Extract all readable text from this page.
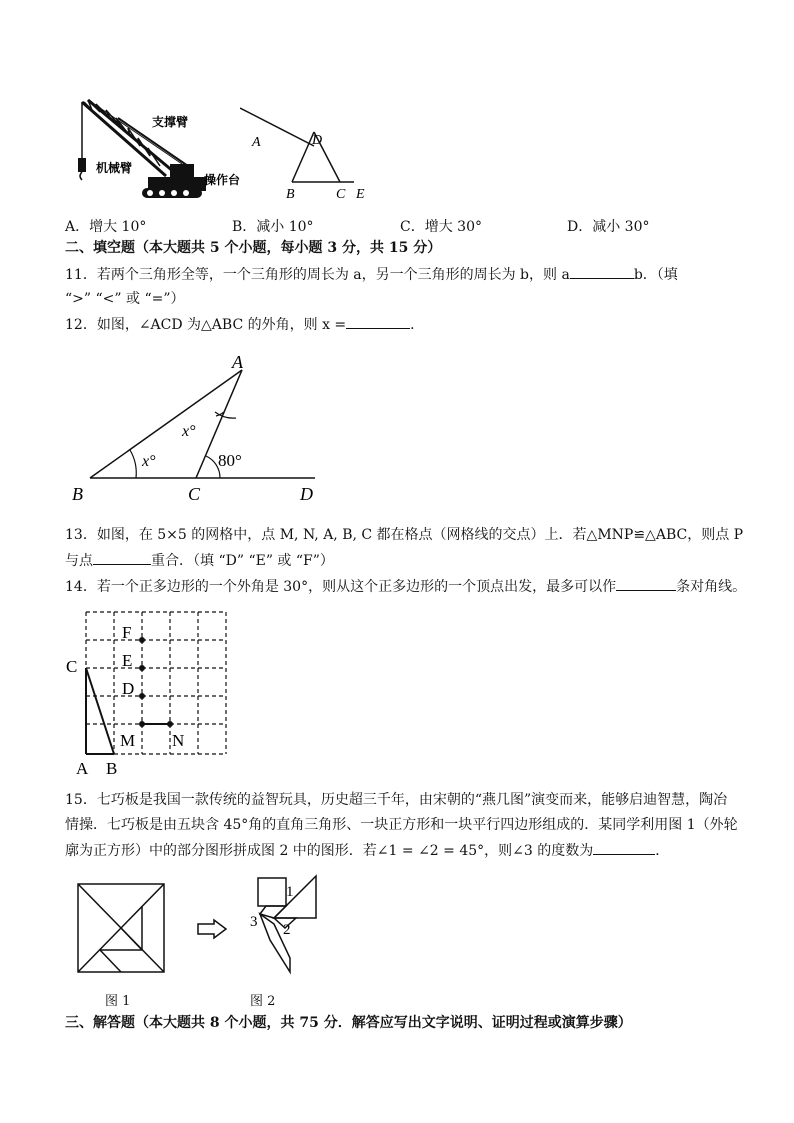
支撑臂
机械臂
操作台
A
B	C
D
E
A．增大 10°	B．减小 10°	C．增大 30°	D．减小 30°
二、填空题（本大题共 5 个小题，每小题 3 分，共 15 分）
11．若两个三角形全等，一个三角形的周长为 a，另一个三角形的周长为 b，则 a	b．（填
“>” “<” 或 “=”）
12．如图，∠ACD 为△ABC 的外角，则 x =	．
A
B	C	D
x°
x°
80°
13．如图，在 5×5 的网格中，点 M, N, A, B, C 都在格点（网格线的交点）上．若△MNP≌△ABC，则点 P
与点	重合．（填 “D” “E” 或 “F”）
14．若一个正多边形的一个外角是 30°，则从这个正多边形的一个顶点出发，最多可以作	条对角线。
F
E
D
C
M N
A B
15．七巧板是我国一款传统的益智玩具，历史超三千年，由宋朝的“燕几图”演变而来，能够启迪智慧，陶冶
情操．七巧板是由五块含 45°角的直角三角形、一块正方形和一块平行四边形组成的．某同学利用图 1（外轮
廓为正方形）中的部分图形拼成图 2 中的图形．若∠1 = ∠2 = 45°，则∠3 的度数为	．
图 1
1
2
3
图 2
三、解答题（本大题共 8 个小题，共 75 分．解答应写出文字说明、证明过程或演算步骤）
